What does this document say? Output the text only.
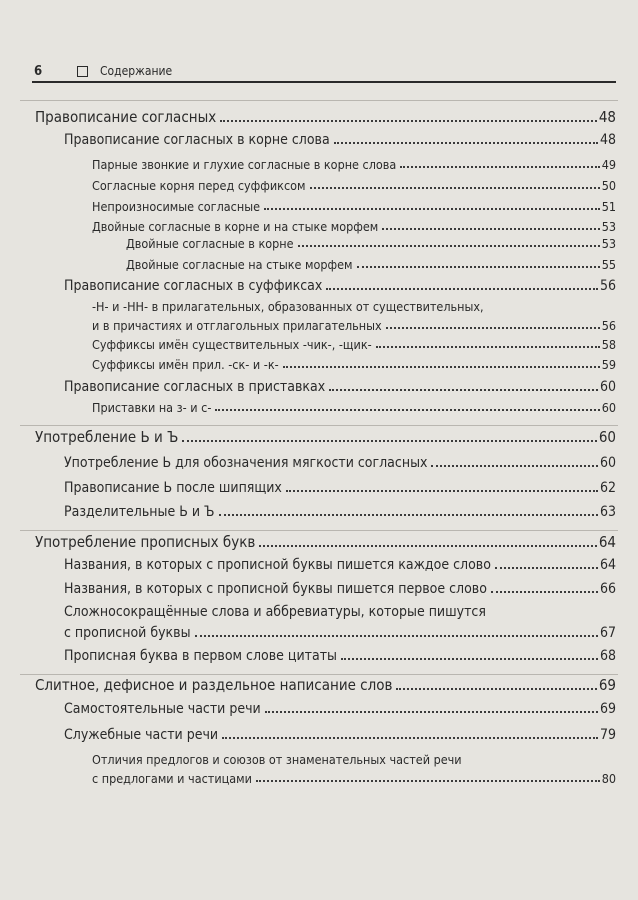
6	Содержание
Правописание согласных	48
Правописание согласных в корне слова	48
Парные звонкие и глухие согласные в корне слова	49
Согласные корня перед суффиксом	50
Непроизносимые согласные	51
Двойные согласные в корне и на стыке морфем	53
Двойные согласные в корне	53
Двойные согласные на стыке морфем	55
Правописание согласных в суффиксах	56
-Н- и -НН- в прилагательных, образованных от существительных,
и в причастиях и отглагольных прилагательных	56
Суффиксы имён существительных -чик-, -щик-	58
Суффиксы имён прил. -ск- и -к-	59
Правописание согласных в приставках	60
Приставки на з- и с-	60
Употребление Ь и Ъ	60
Употребление Ь для обозначения мягкости согласных	60
Правописание Ь после шипящих	62
Разделительные Ь и Ъ	63
Употребление прописных букв	64
Названия, в которых с прописной буквы пишется каждое слово	64
Названия, в которых с прописной буквы пишется первое слово	66
Сложносокращённые слова и аббревиатуры, которые пишутся
с прописной буквы	67
Прописная буква в первом слове цитаты	68
Слитное, дефисное и раздельное написание слов	69
Самостоятельные части речи	69
Служебные части речи	79
Отличия предлогов и союзов от знаменательных частей речи
с предлогами и частицами	80
